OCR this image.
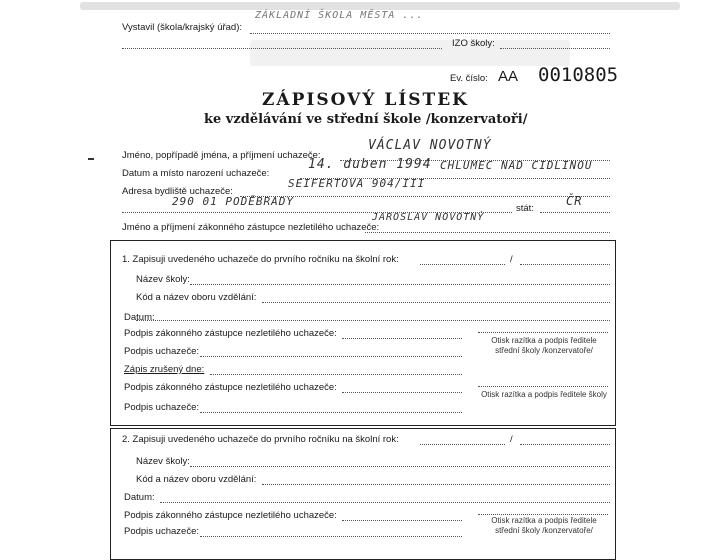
Vystavil (škola/krajský úřad):
ZÁKLADNÍ ŠKOLA MĚSTA ...
IZO školy:
Ev. číslo: AA 0010805
ZÁPISOVÝ LÍSTEK
ke vzdělávání ve střední škole /konzervatoři/
Jméno, popřípadě jména, a příjmení uchazeče:
VÁCLAV NOVOTNÝ
Datum a místo narození uchazeče:
14. duben 1994 CHLUMEC NAD CIDLINOU
Adresa bydliště uchazeče:
SEIFERTOVA 904/III
290 01 PODĚBRADY
stát:
ČR
Jméno a příjmení zákonného zástupce nezletilého uchazeče:
JAROSLAV NOVOTNÝ
1. Zapisuji uvedeného uchazeče do prvního ročníku na školní rok:	/
Název školy:
Kód a název oboru vzdělání:
Datum:
Podpis zákonného zástupce nezletilého uchazeče:
Podpis uchazeče:
Otisk razítka a podpis ředitele
střední školy /konzervatoře/
Zápis zrušený dne:
Podpis zákonného zástupce nezletilého uchazeče:
Podpis uchazeče:
Otisk razítka a podpis ředitele školy
2. Zapisuji uvedeného uchazeče do prvního ročníku na školní rok:	/
Název školy:
Kód a název oboru vzdělání:
Datum:
Podpis zákonného zástupce nezletilého uchazeče:
Podpis uchazeče:
Otisk razítka a podpis ředitele
střední školy /konzervatoře/
